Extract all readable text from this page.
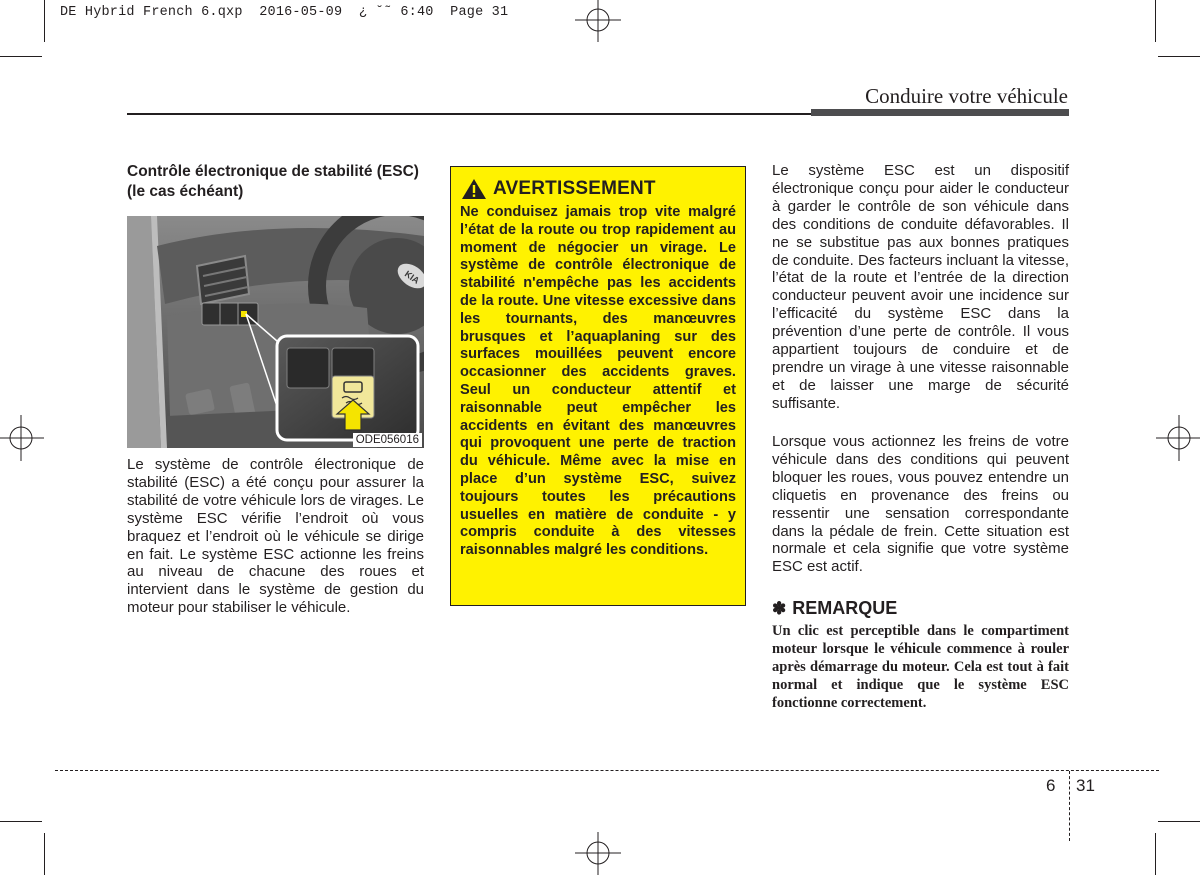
DE Hybrid French 6.qxp  2016-05-09  ¿ ˘˜ 6:40  Page 31
Conduire votre véhicule
Contrôle électronique de stabilité (ESC) (le cas échéant)
KIA
ODE056016
Le système de contrôle électronique de stabilité (ESC) a été conçu pour assurer la stabilité de votre véhicule lors de virages. Le système ESC vérifie l’endroit où vous braquez et l’endroit où le véhicule se dirige en fait. Le système ESC actionne les freins au niveau de chacune des roues et intervient dans le système de gestion du moteur pour stabiliser le véhicule.
AVERTISSEMENT
Ne conduisez jamais trop vite malgré l’état de la route ou trop rapidement au moment de négocier un virage. Le système de contrôle électronique de stabilité n'empêche pas les accidents de la route. Une vitesse excessive dans les tournants, des manœuvres brusques et l’aquaplaning sur des surfaces mouillées peuvent encore occasionner des accidents graves. Seul un conducteur attentif et raisonnable peut empêcher les accidents en évitant des manœuvres qui provoquent une perte de traction du véhicule. Même avec la mise en place d’un système ESC, suivez toujours toutes les précautions usuelles en matière de conduite - y compris conduite à des vitesses raisonnables malgré les conditions.
Le système ESC est un dispositif électronique conçu pour aider le conducteur à garder le contrôle de son véhicule dans des conditions de conduite défavorables. Il ne se substitue pas aux bonnes pratiques de conduite. Des facteurs incluant la vitesse, l’état de la route et l’entrée de la direction conducteur peuvent avoir une incidence sur l’efficacité du système ESC dans la prévention d’une perte de contrôle. Il vous appartient toujours de conduire et de prendre un virage à une vitesse raisonnable et de laisser une marge de sécurité suffisante.
Lorsque vous actionnez les freins de votre véhicule dans des conditions qui peuvent bloquer les roues, vous pouvez entendre un cliquetis en provenance des freins ou ressentir une sensation correspondante dans la pédale de frein. Cette situation est normale et cela signifie que votre système ESC est actif.
✽ REMARQUE
Un clic est perceptible dans le compartiment moteur lorsque le véhicule commence à rouler après démarrage du moteur. Cela est tout à fait normal et indique que le système ESC fonctionne correctement.
6 31
